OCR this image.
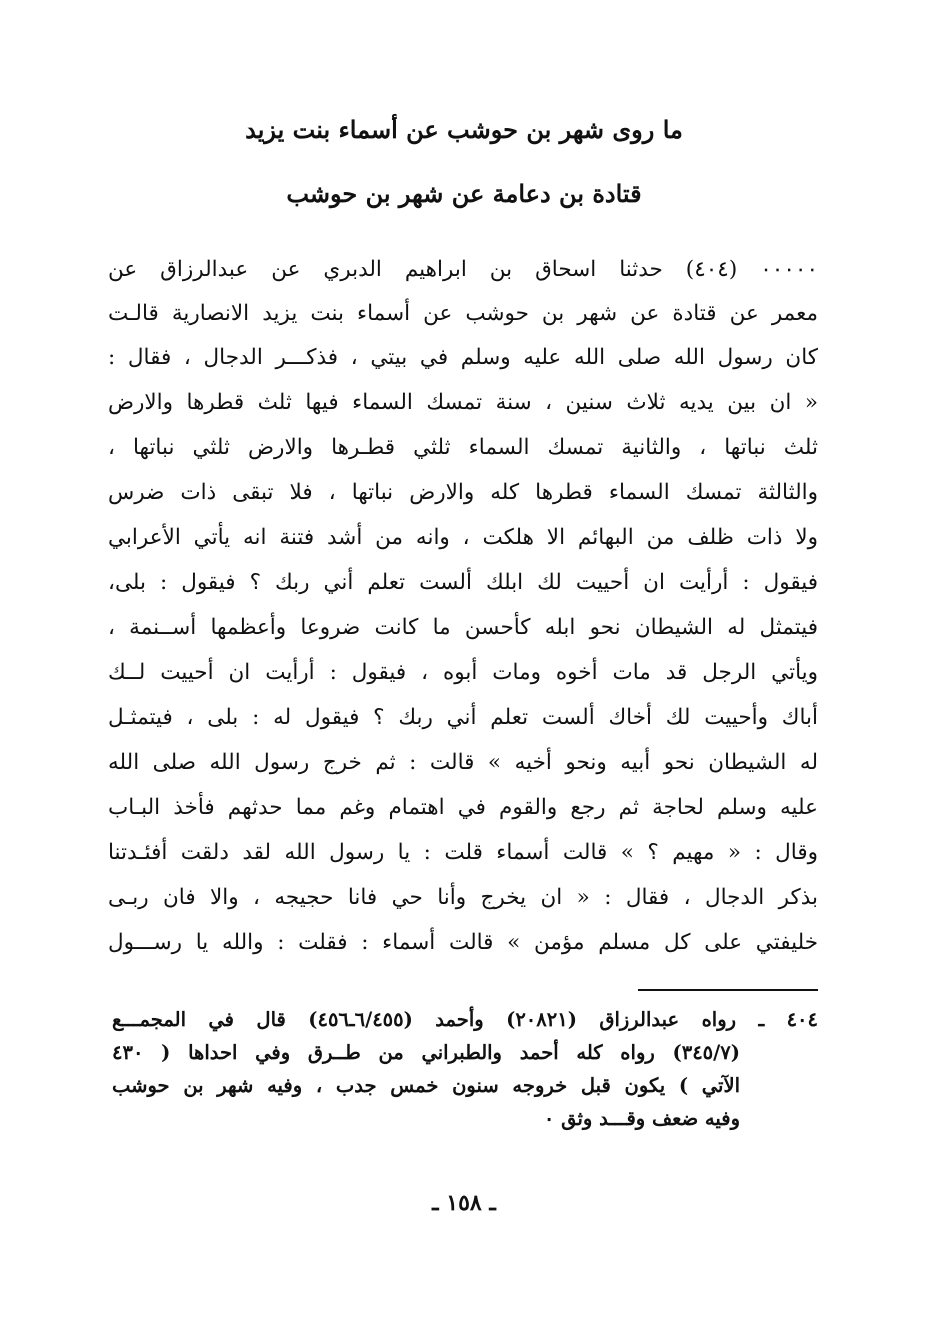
ما روى شهر بن حوشب عن أسماء بنت يزيد
قتادة بن دعامة عن شهر بن حوشب
٠٠٠٠٠ (٤٠٤) حدثنا اسحاق بن ابراهيم الدبري عن عبدالرزاق عن
معمر عن قتادة عن شهر بن حوشب عن أسماء بنت يزيد الانصارية قالـت
كان رسول الله صلى الله عليه وسلم في بيتي ، فذكـــر الدجال ، فقال :
« ان بين يديه ثلاث سنين ، سنة تمسك السماء فيها ثلث قطرها والارض
ثلث نباتها ، والثانية تمسك السماء ثلثي قطـرها والارض ثلثي نباتها ،
والثالثة تمسك السماء قطرها كله والارض نباتها ، فلا تبقى ذات ضرس
ولا ذات ظلف من البهائم الا هلكت ، وانه من أشد فتنة انه يأتي الأعرابي
فيقول : أرأيت ان أحييت لك ابلك ألست تعلم أني ربك ؟ فيقول : بلى،
فيتمثل له الشيطان نحو ابله كأحسن ما كانت ضروعا وأعظمها أســنمة ،
ويأتي الرجل قد مات أخوه ومات أبوه ، فيقول : أرأيت ان أحييت لــك
أباك وأحييت لك أخاك ألست تعلم أني ربك ؟ فيقول له : بلى ، فيتمثـل
له الشيطان نحو أبيه ونحو أخيه » قالت : ثم خرج رسول الله صلى الله
عليه وسلم لحاجة ثم رجع والقوم في اهتمام وغم مما حدثهم فأخذ البـاب
وقال : « مهيم ؟ » قالت أسماء قلت : يا رسول الله لقد دلقت أفئـدتنا
بذكر الدجال ، فقال : « ان يخرج وأنا حي فانا حجيجه ، والا فان ربـى
خليفتي على كل مسلم مؤمن » قالت أسماء : فقلت : والله يا رســـول
٤٠٤ ـ رواه عبدالرزاق (٢٠٨٢١) وأحمد (٦/٤٥٥ـ٤٥٦) قال في المجمـــع
(٣٤٥/٧) رواه كله أحمد والطبراني من طــرق وفي احداها ( ٤٣٠
الآتي ) يكون قبل خروجه سنون خمس جدب ، وفيه شهر بن حوشب
وفيه ضعف وقـــد وثق ٠
ـ ١٥٨ ـ
